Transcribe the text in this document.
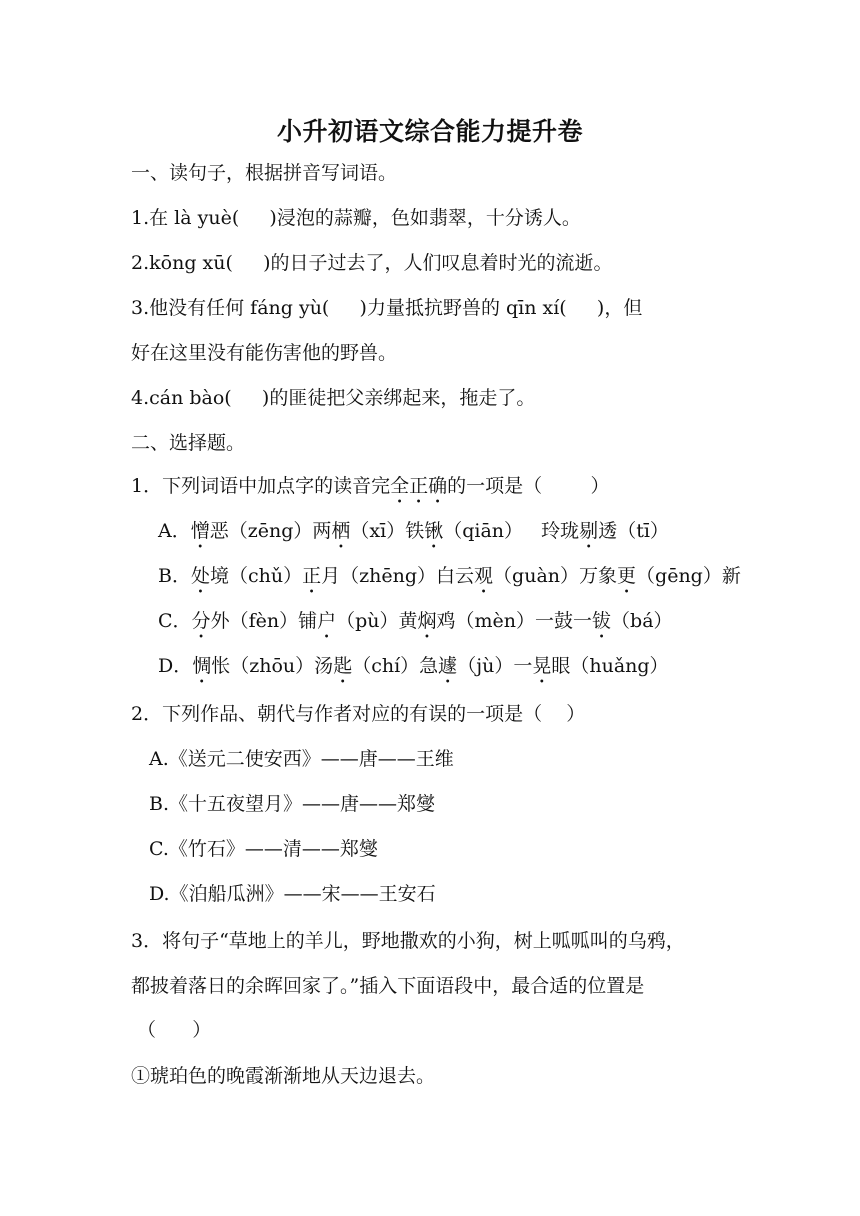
小升初语文综合能力提升卷
一、读句子，根据拼音写词语。
1.在 là yuè(     )浸泡的蒜瓣，色如翡翠，十分诱人。
2.kōng xū(     )的日子过去了，人们叹息着时光的流逝。
3.他没有任何 fáng yù(     )力量抵抗野兽的 qīn xí(     )，但
好在这里没有能伤害他的野兽。
4.cán bào(     )的匪徒把父亲绑起来，拖走了。
二、选择题。
1．下列词语中加点字的读音完全正确的一项是（        ）
A．憎恶（zēng）两栖（xī）铁锹（qiān）   玲珑剔透（tī）
B．处境（chǔ）正月（zhēng）白云观（guàn）万象更（gēng）新
C．分外（fèn）铺户（pù）黄焖鸡（mèn）一鼓一钹（bá）
D．惆怅（zhōu）汤匙（chí）急遽（jù）一晃眼（huǎng）
2．下列作品、朝代与作者对应的有误的一项是（    ）
A.《送元二使安西》——唐——王维
B.《十五夜望月》——唐——郑燮
C.《竹石》——清——郑燮
D.《泊船瓜洲》——宋——王安石
3．将句子“草地上的羊儿，野地撒欢的小狗，树上呱呱叫的乌鸦，
都披着落日的余晖回家了。”插入下面语段中，最合适的位置是
（      ）
①琥珀色的晚霞渐渐地从天边退去。
